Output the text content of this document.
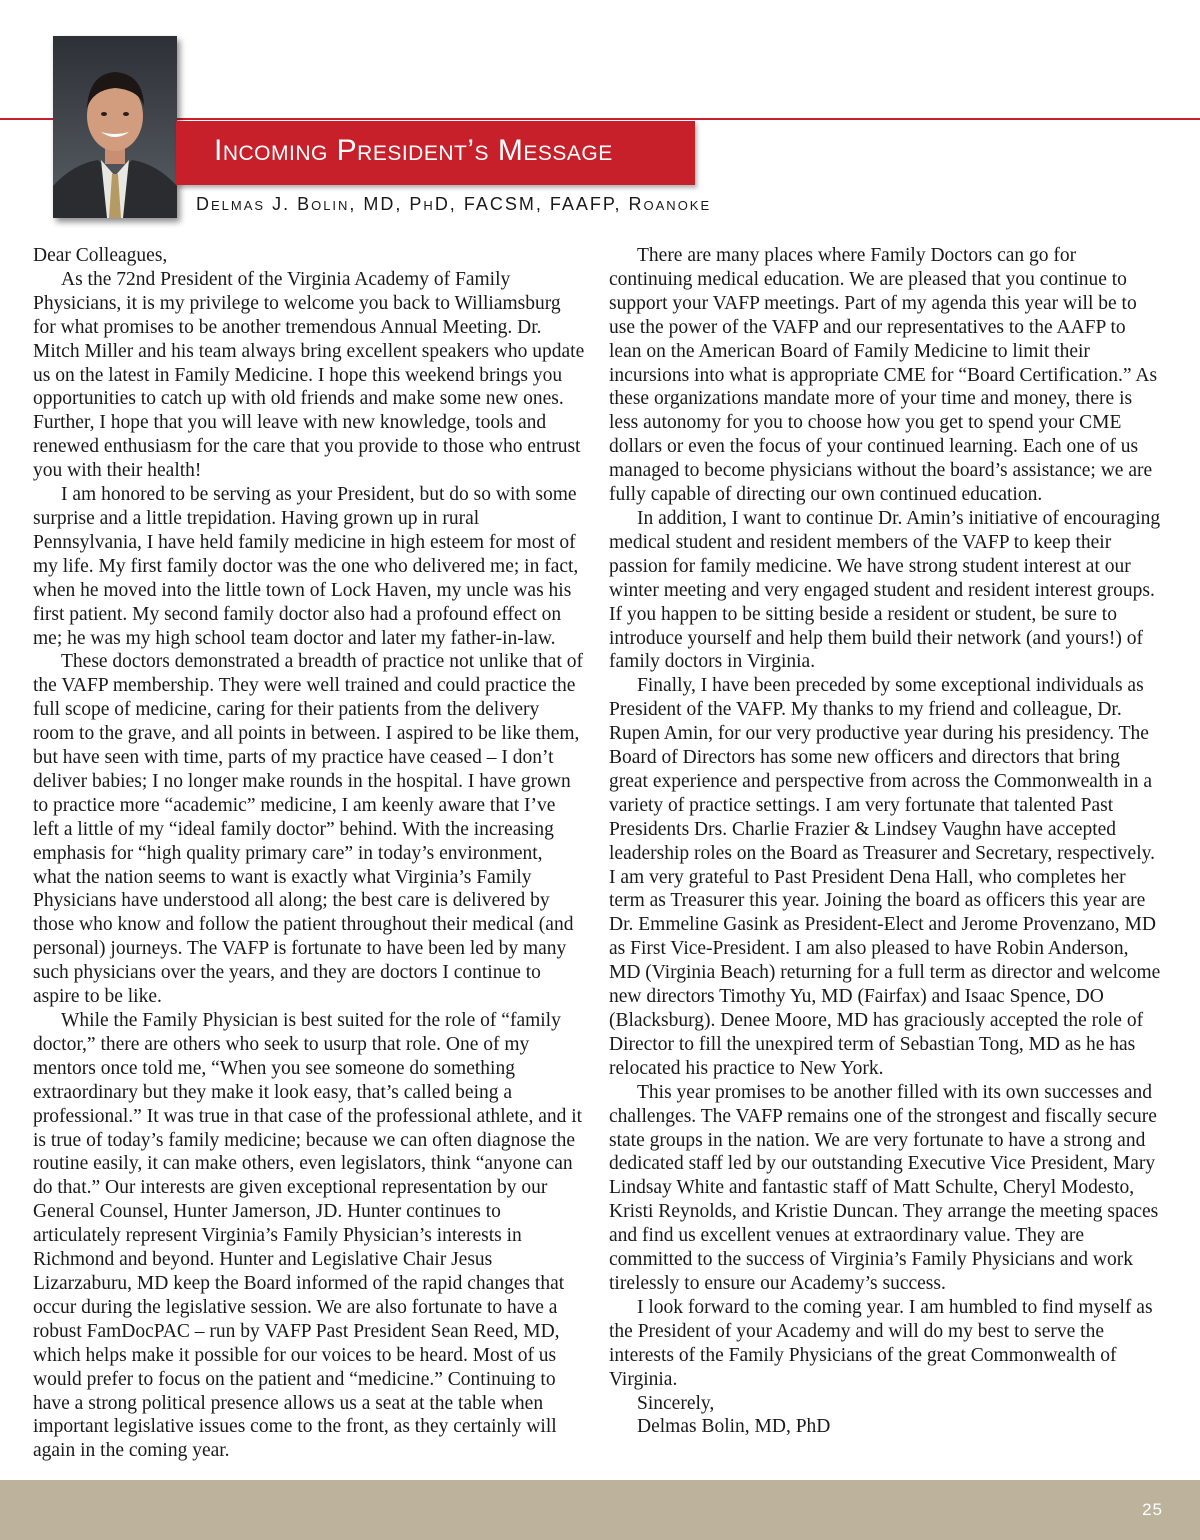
Incoming President’s Message
Delmas J. Bolin, MD, PhD, FACSM, FAAFP, Roanoke

Dear Colleagues,

As the 72nd President of the Virginia Academy of Family Physicians, it is my privilege to welcome you back to Williamsburg for what promises to be another tremendous Annual Meeting. Dr. Mitch Miller and his team always bring excellent speakers who update us on the latest in Family Medicine. I hope this weekend brings you opportunities to catch up with old friends and make some new ones. Further, I hope that you will leave with new knowledge, tools and renewed enthusiasm for the care that you provide to those who entrust you with their health!

I am honored to be serving as your President, but do so with some surprise and a little trepidation. Having grown up in rural Pennsylvania, I have held family medicine in high esteem for most of my life. My first family doctor was the one who delivered me; in fact, when he moved into the little town of Lock Haven, my uncle was his first patient. My second family doctor also had a profound effect on me; he was my high school team doctor and later my father-in-law.

These doctors demonstrated a breadth of practice not unlike that of the VAFP membership. They were well trained and could practice the full scope of medicine, caring for their patients from the delivery room to the grave, and all points in between. I aspired to be like them, but have seen with time, parts of my practice have ceased – I don’t deliver babies; I no longer make rounds in the hospital. I have grown to practice more “academic” medicine, I am keenly aware that I’ve left a little of my “ideal family doctor” behind. With the increasing emphasis for “high quality primary care” in today’s environment, what the nation seems to want is exactly what Virginia’s Family Physicians have understood all along; the best care is delivered by those who know and follow the patient throughout their medical (and personal) journeys. The VAFP is fortunate to have been led by many such physicians over the years, and they are doctors I continue to aspire to be like.

While the Family Physician is best suited for the role of “family doctor,” there are others who seek to usurp that role. One of my mentors once told me, “When you see someone do something extraordinary but they make it look easy, that’s called being a professional.” It was true in that case of the professional athlete, and it is true of today’s family medicine; because we can often diagnose the routine easily, it can make others, even legislators, think “anyone can do that.” Our interests are given exceptional representation by our General Counsel, Hunter Jamerson, JD. Hunter continues to articulately represent Virginia’s Family Physician’s interests in Richmond and beyond. Hunter and Legislative Chair Jesus Lizarzaburu, MD keep the Board informed of the rapid changes that occur during the legislative session. We are also fortunate to have a robust FamDocPAC – run by VAFP Past President Sean Reed, MD, which helps make it possible for our voices to be heard. Most of us would prefer to focus on the patient and “medicine.” Continuing to have a strong political presence allows us a seat at the table when important legislative issues come to the front, as they certainly will again in the coming year.

There are many places where Family Doctors can go for continuing medical education. We are pleased that you continue to support your VAFP meetings. Part of my agenda this year will be to use the power of the VAFP and our representatives to the AAFP to lean on the American Board of Family Medicine to limit their incursions into what is appropriate CME for “Board Certification.” As these organizations mandate more of your time and money, there is less autonomy for you to choose how you get to spend your CME dollars or even the focus of your continued learning. Each one of us managed to become physicians without the board’s assistance; we are fully capable of directing our own continued education.

In addition, I want to continue Dr. Amin’s initiative of encouraging medical student and resident members of the VAFP to keep their passion for family medicine. We have strong student interest at our winter meeting and very engaged student and resident interest groups. If you happen to be sitting beside a resident or student, be sure to introduce yourself and help them build their network (and yours!) of family doctors in Virginia.

Finally, I have been preceded by some exceptional individuals as President of the VAFP. My thanks to my friend and colleague, Dr. Rupen Amin, for our very productive year during his presidency. The Board of Directors has some new officers and directors that bring great experience and perspective from across the Commonwealth in a variety of practice settings. I am very fortunate that talented Past Presidents Drs. Charlie Frazier & Lindsey Vaughn have accepted leadership roles on the Board as Treasurer and Secretary, respectively. I am very grateful to Past President Dena Hall, who completes her term as Treasurer this year. Joining the board as officers this year are Dr. Emmeline Gasink as President-Elect and Jerome Provenzano, MD as First Vice-President. I am also pleased to have Robin Anderson, MD (Virginia Beach) returning for a full term as director and welcome new directors Timothy Yu, MD (Fairfax) and Isaac Spence, DO (Blacksburg). Denee Moore, MD has graciously accepted the role of Director to fill the unexpired term of Sebastian Tong, MD as he has relocated his practice to New York.

This year promises to be another filled with its own successes and challenges. The VAFP remains one of the strongest and fiscally secure state groups in the nation. We are very fortunate to have a strong and dedicated staff led by our outstanding Executive Vice President, Mary Lindsay White and fantastic staff of Matt Schulte, Cheryl Modesto, Kristi Reynolds, and Kristie Duncan. They arrange the meeting spaces and find us excellent venues at extraordinary value. They are committed to the success of Virginia’s Family Physicians and work tirelessly to ensure our Academy’s success.

I look forward to the coming year. I am humbled to find myself as the President of your Academy and will do my best to serve the interests of the Family Physicians of the great Commonwealth of Virginia.

Sincerely,

Delmas Bolin, MD, PhD

25
